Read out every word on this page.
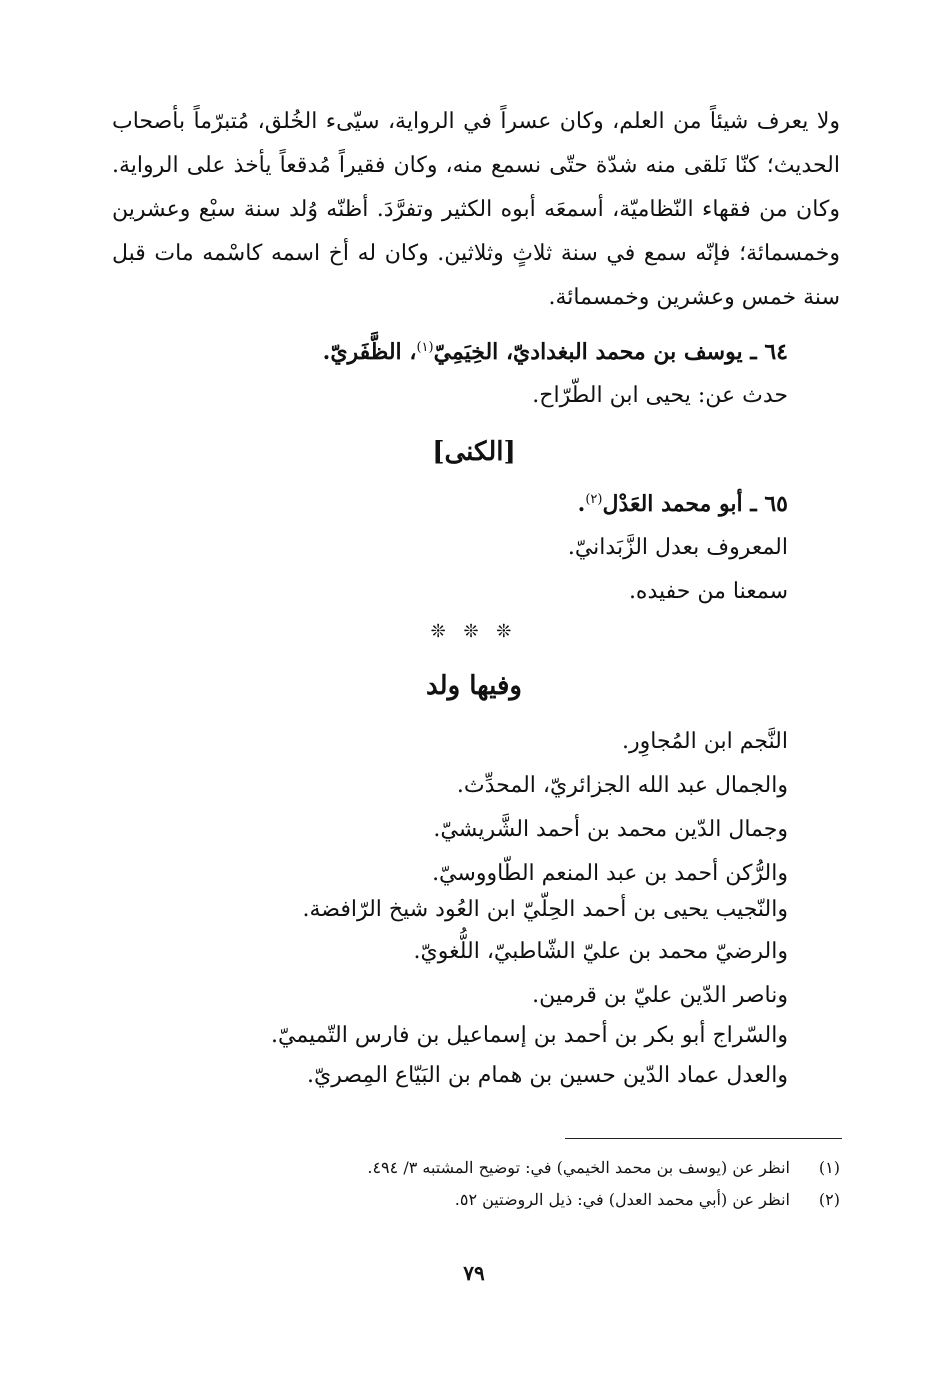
ولا يعرف شيئاً من العلم، وكان عسراً في الرواية، سيّىء الخُلق، مُتبرّماً بأصحاب الحديث؛ كنّا نَلقى منه شدّة حتّى نسمع منه، وكان فقيراً مُدقعاً يأخذ على الرواية. وكان من فقهاء النّظاميّة، أسمعَه أبوه الكثير وتفرَّدَ. أظنّه وُلد سنة سبْع وعشرين وخمسمائة؛ فإنّه سمع في سنة ثلاثٍ وثلاثين. وكان له أخ اسمه كاسْمه مات قبل سنة خمس وعشرين وخمسمائة.
٦٤ ـ يوسف بن محمد البغداديّ، الخِيَمِيّ$^{(١)}$، الظَّفَريّ.
حدث عن: يحيى ابن الطّرّاح.
[الكنى]
٦٥ ـ أبو محمد العَدْل$^{(٢)}$.
المعروف بعدل الزَّبَدانيّ.
سمعنا من حفيده.
❊ ❊ ❊
وفيها ولد
النَّجم ابن المُجاوِر.
والجمال عبد الله الجزائريّ، المحدِّث.
وجمال الدّين محمد بن أحمد الشَّريشيّ.
والرُّكن أحمد بن عبد المنعم الطّاووسيّ.
والنّجيب يحيى بن أحمد الحِلّيّ ابن العُود شيخ الرّافضة.
والرضيّ محمد بن عليّ الشّاطبيّ، اللُّغويّ.
وناصر الدّين عليّ بن قرمين.
والسّراج أبو بكر بن أحمد بن إسماعيل بن فارس التّميميّ.
والعدل عماد الدّين حسين بن همام بن البَيّاع المِصريّ.
(١)انظر عن (يوسف بن محمد الخيمي) في: توضيح المشتبه ٣/ ٤٩٤.
(٢)انظر عن (أبي محمد العدل) في: ذيل الروضتين ٥٢.
٧٩
